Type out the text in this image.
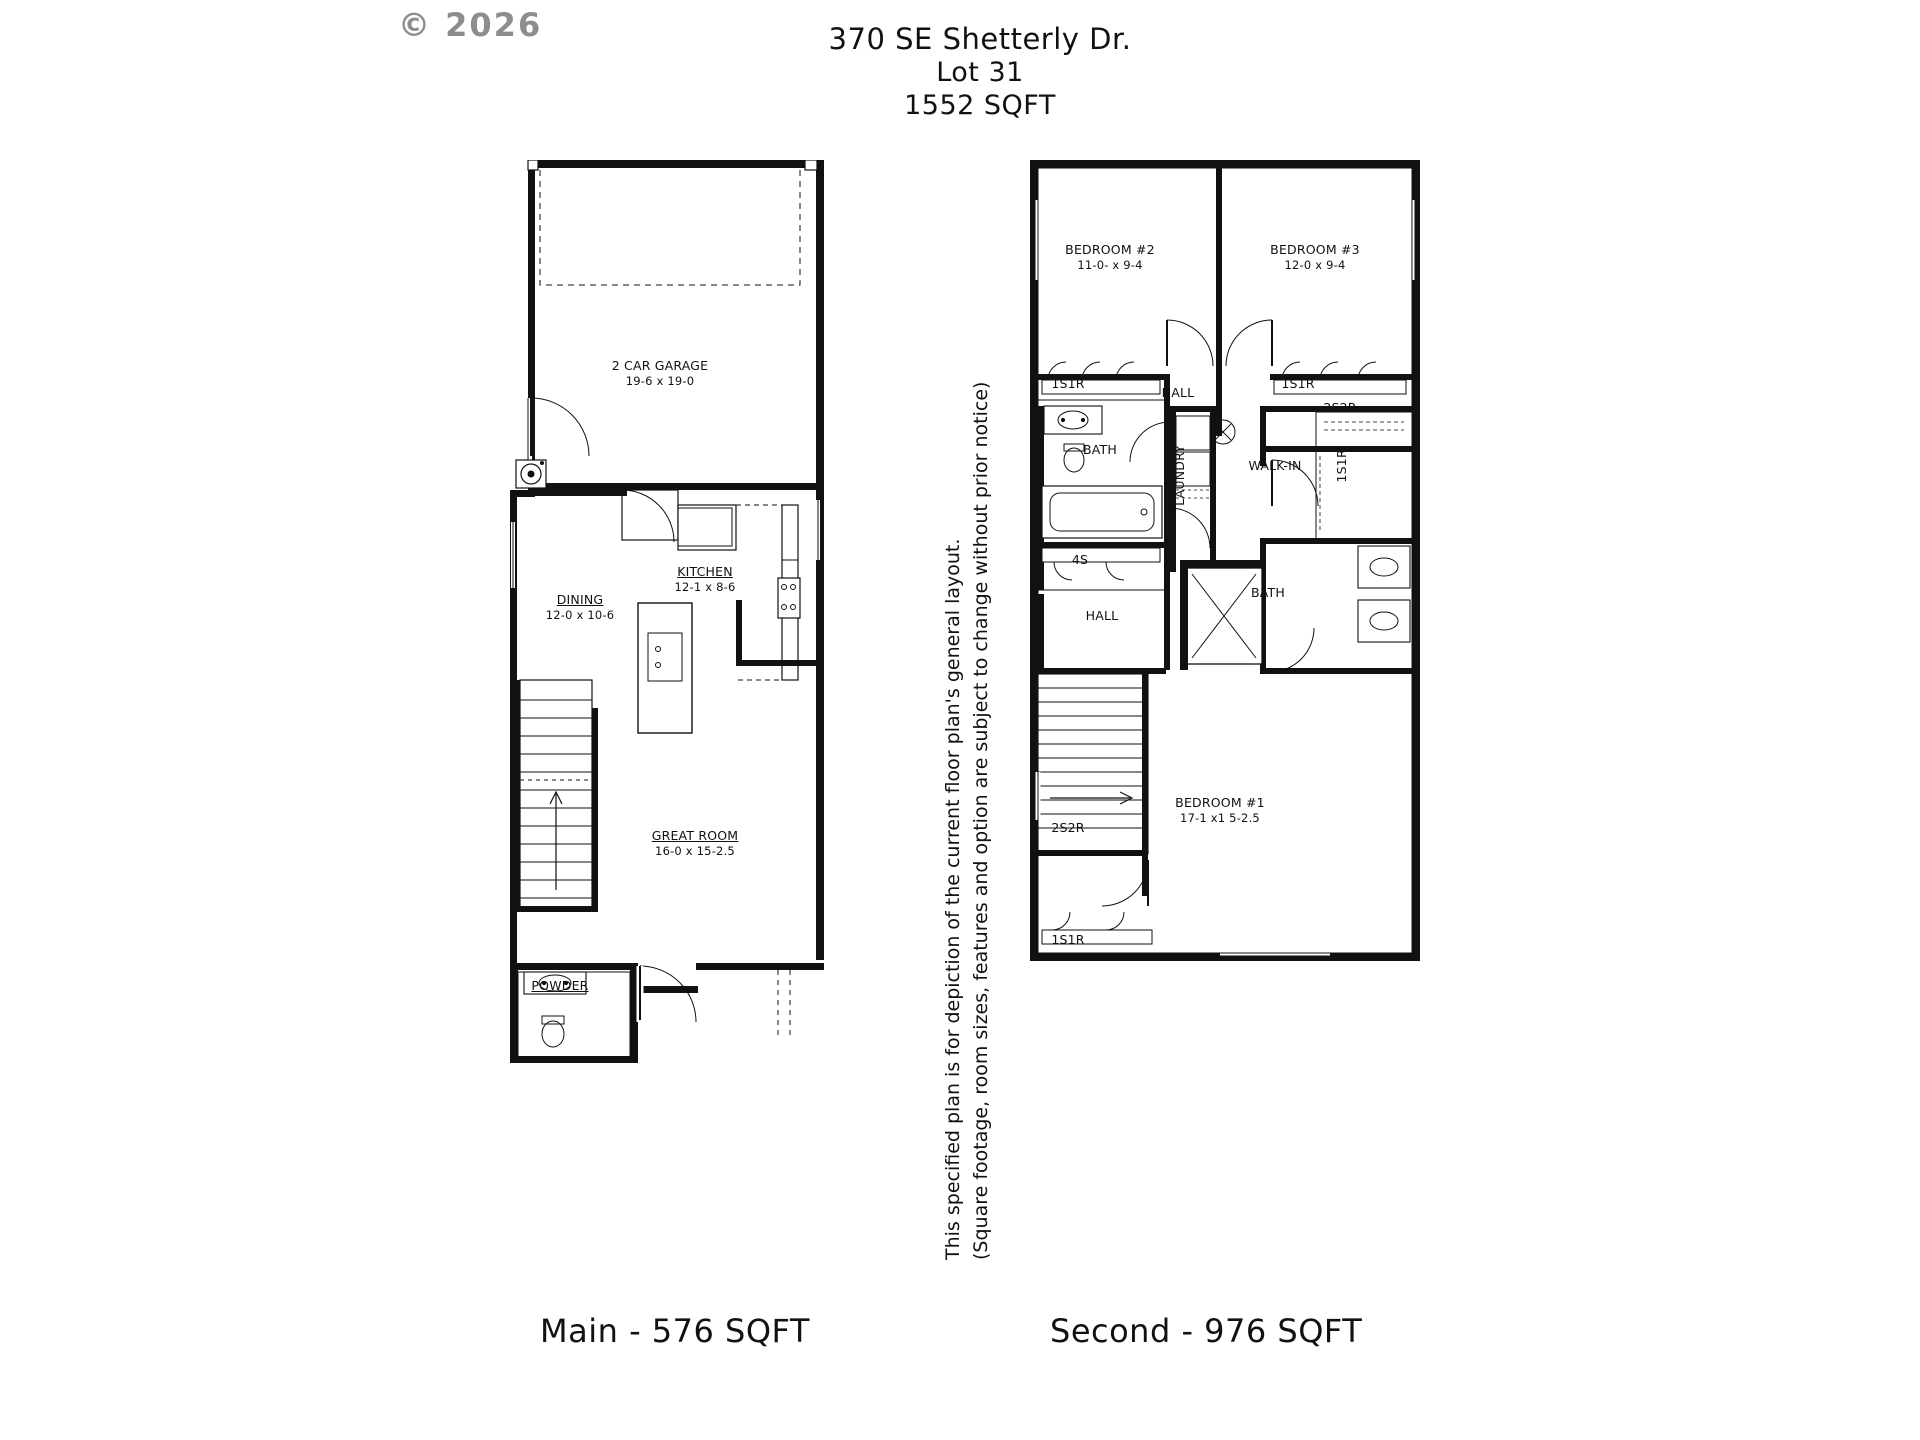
© 2026	370 SE Shetterly Dr.
Lot 31
1552 SQFT
This specified plan is for depiction of the current floor plan's general layout. (Square footage, room sizes, features and option are subject to change without prior notice)
2 CAR GARAGE
19-6 x 19-0
DINING
12-0 x 10-6
KITCHEN
12-1 x 8-6
GREAT ROOM
16-0 x 15-2.5
POWDER
BEDROOM #2
11-0- x 9-4
BEDROOM #3
12-0 x 9-4
HALL
BATH
WALK-IN
LAUNDRY
BATH
HALL
BEDROOM #1
17-1 x1 5-2.5
1S1R	1S1R
2S2R
1S1R
4S
2S2R
1S1R
Main - 576 SQFT	Second - 976 SQFT
